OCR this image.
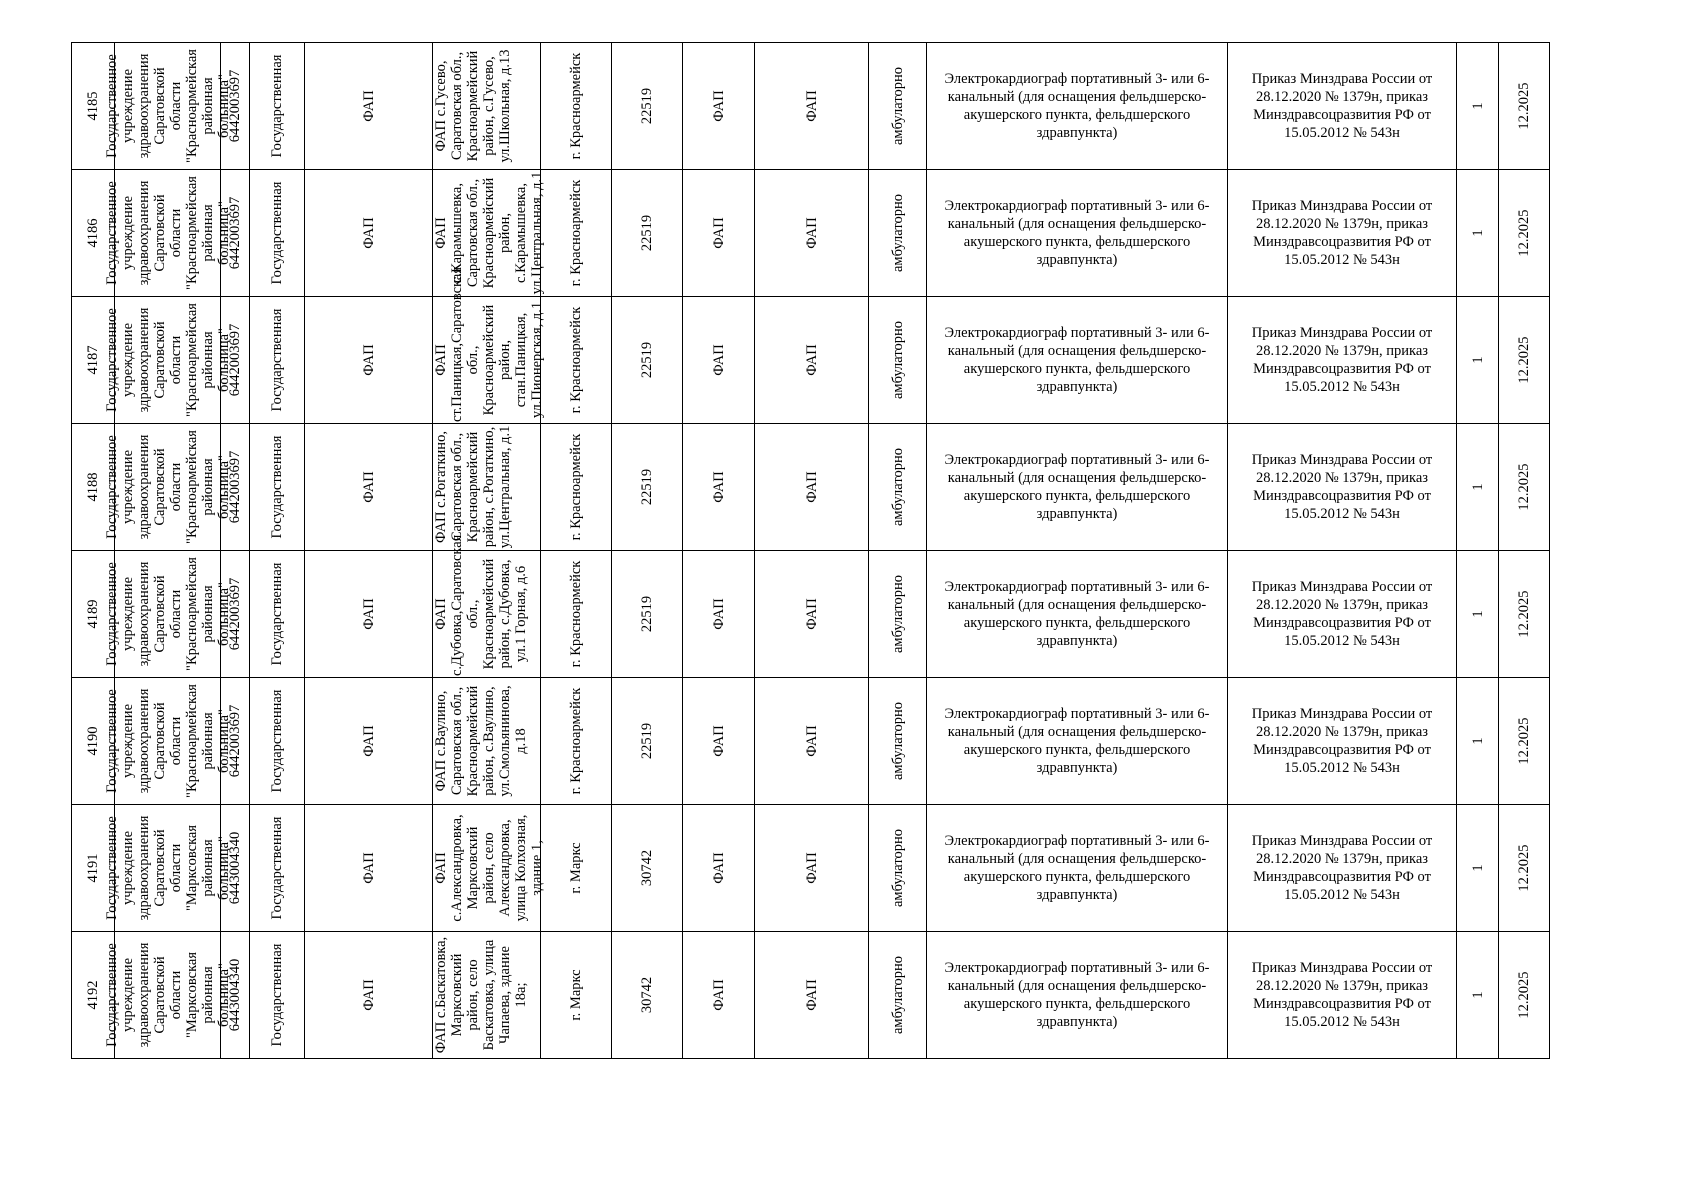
4185	Государственное учреждение здравоохранения Саратовской области "Красноармейская районная больница"	6442003697	Государственная	ФАП	ФАП с.Гусево, Саратовская обл., Красноармейский район, с.Гусево, ул.Школьная, д.13	г. Красноармейск	22519	ФАП	ФАП	амбулаторно	Электрокардиограф портативный 3- или 6-канальный (для оснащения фельдшерско-акушерского пункта, фельдшерского здравпункта)	Приказ Минздрава России от 28.12.2020 № 1379н, приказ Минздравсоцразвития РФ от 15.05.2012 № 543н	1	12.2025

4186	Государственное учреждение здравоохранения Саратовской области "Красноармейская районная больница"	6442003697	Государственная	ФАП	ФАП с.Карамышевка, Саратовская обл., Красноармейский район, с.Карамышевка, ул.Центральная, д.1	г. Красноармейск	22519	ФАП	ФАП	амбулаторно	Электрокардиограф портативный 3- или 6-канальный (для оснащения фельдшерско-акушерского пункта, фельдшерского здравпункта)	Приказ Минздрава России от 28.12.2020 № 1379н, приказ Минздравсоцразвития РФ от 15.05.2012 № 543н	1	12.2025

4187	Государственное учреждение здравоохранения Саратовской области "Красноармейская районная больница"	6442003697	Государственная	ФАП	ФАП ст.Паницкая,Саратовская обл., Красноармейский район, стан.Паницкая, ул.Пионерская, д.1	г. Красноармейск	22519	ФАП	ФАП	амбулаторно	Электрокардиограф портативный 3- или 6-канальный (для оснащения фельдшерско-акушерского пункта, фельдшерского здравпункта)	Приказ Минздрава России от 28.12.2020 № 1379н, приказ Минздравсоцразвития РФ от 15.05.2012 № 543н	1	12.2025

4188	Государственное учреждение здравоохранения Саратовской области "Красноармейская районная больница"	6442003697	Государственная	ФАП	ФАП с.Рогаткино, Саратовская обл., Красноармейский район, с.Рогаткино, ул.Центральная, д.1	г. Красноармейск	22519	ФАП	ФАП	амбулаторно	Электрокардиограф портативный 3- или 6-канальный (для оснащения фельдшерско-акушерского пункта, фельдшерского здравпункта)	Приказ Минздрава России от 28.12.2020 № 1379н, приказ Минздравсоцразвития РФ от 15.05.2012 № 543н	1	12.2025

4189	Государственное учреждение здравоохранения Саратовской области "Красноармейская районная больница"	6442003697	Государственная	ФАП	ФАП с.Дубовка,Саратовская обл., Красноармейский район, с.Дубовка, ул.1 Горная, д.6	г. Красноармейск	22519	ФАП	ФАП	амбулаторно	Электрокардиограф портативный 3- или 6-канальный (для оснащения фельдшерско-акушерского пункта, фельдшерского здравпункта)	Приказ Минздрава России от 28.12.2020 № 1379н, приказ Минздравсоцразвития РФ от 15.05.2012 № 543н	1	12.2025

4190	Государственное учреждение здравоохранения Саратовской области "Красноармейская районная больница"	6442003697	Государственная	ФАП	ФАП с.Ваулино, Саратовская обл., Красноармейский район, с.Ваулино, ул.Смольянинова, д.18	г. Красноармейск	22519	ФАП	ФАП	амбулаторно	Электрокардиограф портативный 3- или 6-канальный (для оснащения фельдшерско-акушерского пункта, фельдшерского здравпункта)	Приказ Минздрава России от 28.12.2020 № 1379н, приказ Минздравсоцразвития РФ от 15.05.2012 № 543н	1	12.2025

4191	Государственное учреждение здравоохранения Саратовской области "Марксовская районная больница"	6443004340	Государственная	ФАП	ФАП с.Александровка, Марксовский район, село Александровка, улица Колхозная, здание 1,	г. Маркс	30742	ФАП	ФАП	амбулаторно	Электрокардиограф портативный 3- или 6-канальный (для оснащения фельдшерско-акушерского пункта, фельдшерского здравпункта)	Приказ Минздрава России от 28.12.2020 № 1379н, приказ Минздравсоцразвития РФ от 15.05.2012 № 543н	1	12.2025

4192	Государственное учреждение здравоохранения Саратовской области "Марксовская районная больница"	6443004340	Государственная	ФАП	ФАП с.Баскатовка, Марксовский район, село Баскатовка, улица Чапаева, здание 18а;	г. Маркс	30742	ФАП	ФАП	амбулаторно	Электрокардиограф портативный 3- или 6-канальный (для оснащения фельдшерско-акушерского пункта, фельдшерского здравпункта)	Приказ Минздрава России от 28.12.2020 № 1379н, приказ Минздравсоцразвития РФ от 15.05.2012 № 543н	1	12.2025
